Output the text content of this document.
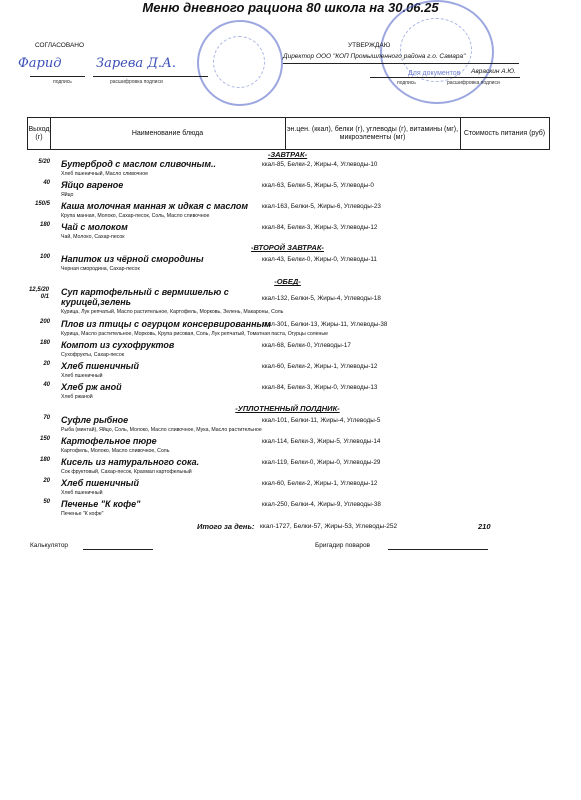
Для документов
СОГЛАСОВАНО
Фарид	Зарева Д.А.
подпись	расшифровка подписи
УТВЕРЖДАЮ
Директор ООО "КОП Промышленного района г.о. Самара"
Авраскин А.Ю.
подпись	расшифровка подписи
Меню дневного рациона 80 школа на 30.06.25
Выход (г)
Наименование блюда
эн.цен. (ккал), белки (г), углеводы (г), витамины (мг), микроэлементы (мг)
Стоимость питания (руб)
-ЗАВТРАК-
5/20 Бутерброд с маслом сливочным..	ккал-85, Белки-2, Жиры-4, Углеводы-10
Хлеб пшеничный, Масло сливочное
40 Яйцо вареное	ккал-63, Белки-5, Жиры-5, Углеводы-0
Яйцо
150/5 Каша молочная манная ж идкая с маслом ккал-163, Белки-5, Жиры-6, Углеводы-23
Крупа манная, Молоко, Сахар-песок, Соль, Масло сливочное
180 Чай с молоком	ккал-84, Белки-3, Жиры-3, Углеводы-12
Чай, Молоко, Сахар-песок
-ВТОРОЙ ЗАВТРАК-
100 Напиток из чёрной смородины	ккал-43, Белки-0, Жиры-0, Углеводы-11
Черная смородина, Сахар-песок
-ОБЕД-
12,5/200/1 Суп картофельный с вермишелью с курицей,зелень	ккал-132, Белки-5, Жиры-4, Углеводы-18
Курица, Лук репчатый, Масло растительное, Картофель, Морковь, Зелень, Макароны, Соль
200 Плов из птицы с огурцом консервированным
ккал-301, Белки-13, Жиры-11, Углеводы-38
Курица, Масло растительное, Морковь, Крупа рисовая, Соль, Лук репчатый, Томатная паста, Огурцы соленые
180 Компот из сухофруктов	ккал-68, Белки-0, Углеводы-17
Сухофрукты, Сахар-песок
20 Хлеб пшеничный	ккал-60, Белки-2, Жиры-1, Углеводы-12
Хлеб пшеничный
40 Хлеб рж аной	ккал-84, Белки-3, Жиры-0, Углеводы-13
Хлеб ржаной
-УПЛОТНЕННЫЙ ПОЛДНИК-
70 Суфле рыбное	ккал-101, Белки-11, Жиры-4, Углеводы-5
Рыба (минтай), Яйцо, Соль, Молоко, Масло сливочное, Мука, Масло растительное
150 Картофельное пюре	ккал-114, Белки-3, Жиры-5, Углеводы-14
Картофель, Молоко, Масло сливочное, Соль
180 Кисель из натурального сока.	ккал-119, Белки-0, Жиры-0, Углеводы-29
Сок фруктовый, Сахар-песок, Крахмал картофельный
20 Хлеб пшеничный	ккал-60, Белки-2, Жиры-1, Углеводы-12
Хлеб пшеничный
50 Печенье "К кофе"	ккал-250, Белки-4, Жиры-9, Углеводы-38
Печенье "К кофе"
Итого за день: ккал-1727, Белки-57, Жиры-53, Углеводы-252	210
Калькулятор	Бригадир поваров
